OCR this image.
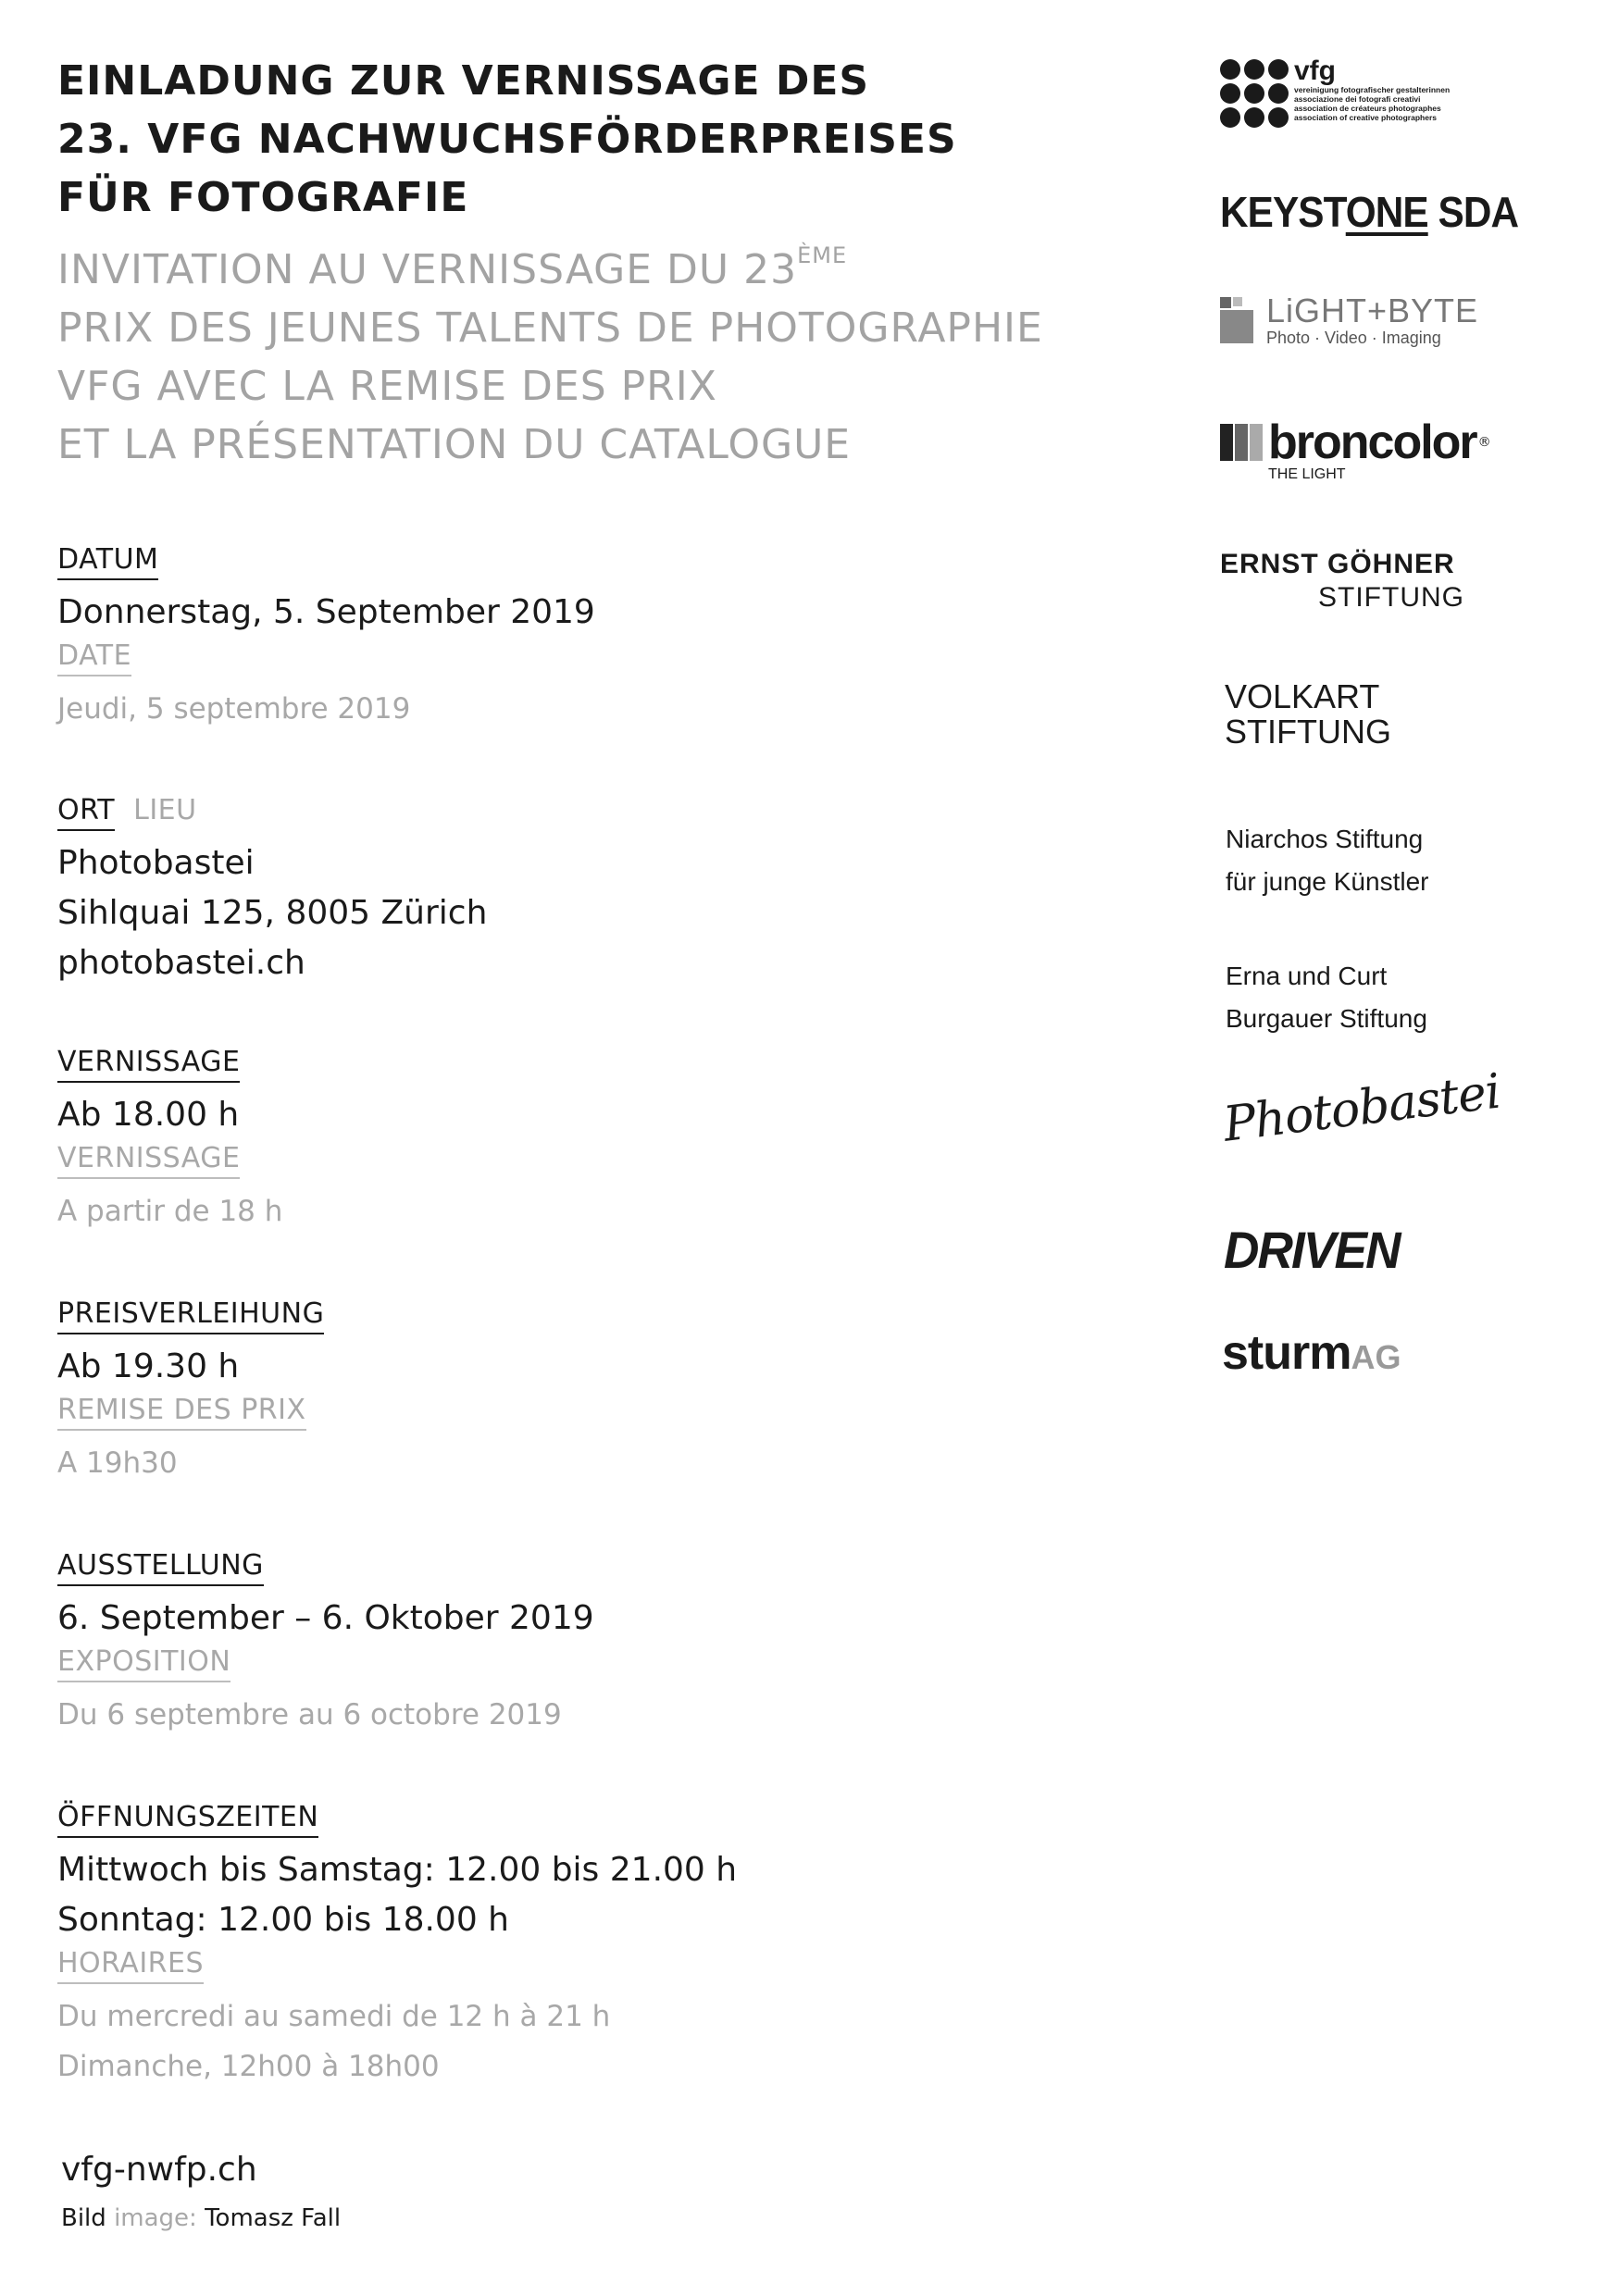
EINLADUNG ZUR VERNISSAGE DES
23. VFG NACHWUCHSFÖRDERPREISES
FÜR FOTOGRAFIE
INVITATION AU VERNISSAGE DU 23ÈME
PRIX DES JEUNES TALENTS DE PHOTOGRAPHIE
VFG AVEC LA REMISE DES PRIX
ET LA PRÉSENTATION DU CATALOGUE
DATUM
Donnerstag, 5. September 2019
DATE
Jeudi, 5 septembre 2019
ORT LIEU
Photobastei
Sihlquai 125, 8005 Zürich
photobastei.ch
VERNISSAGE
Ab 18.00 h
VERNISSAGE
A partir de 18 h
PREISVERLEIHUNG
Ab 19.30 h
REMISE DES PRIX
A 19h30
AUSSTELLUNG
6. September – 6. Oktober 2019
EXPOSITION
Du 6 septembre au 6 octobre 2019
ÖFFNUNGSZEITEN
Mittwoch bis Samstag: 12.00 bis 21.00 h
Sonntag: 12.00 bis 18.00 h
HORAIRES
Du mercredi au samedi de 12 h à 21 h
Dimanche, 12h00 à 18h00
vfg-nwfp.ch
Bild image: Tomasz Fall
vfg
vereinigung fotografischer gestalterinnen
associazione dei fotografi creativi
association de créateurs photographes
association of creative photographers
KEYSTONE SDA
LiGHT+BYTE
Photo · Video · Imaging
broncolor ®
THE LIGHT
ERNST GÖHNER
STIFTUNG
VOLKART
STIFTUNG
Niarchos Stiftung
für junge Künstler
Erna und Curt
Burgauer Stiftung
Photobastei
DRIVEN
sturmAG
